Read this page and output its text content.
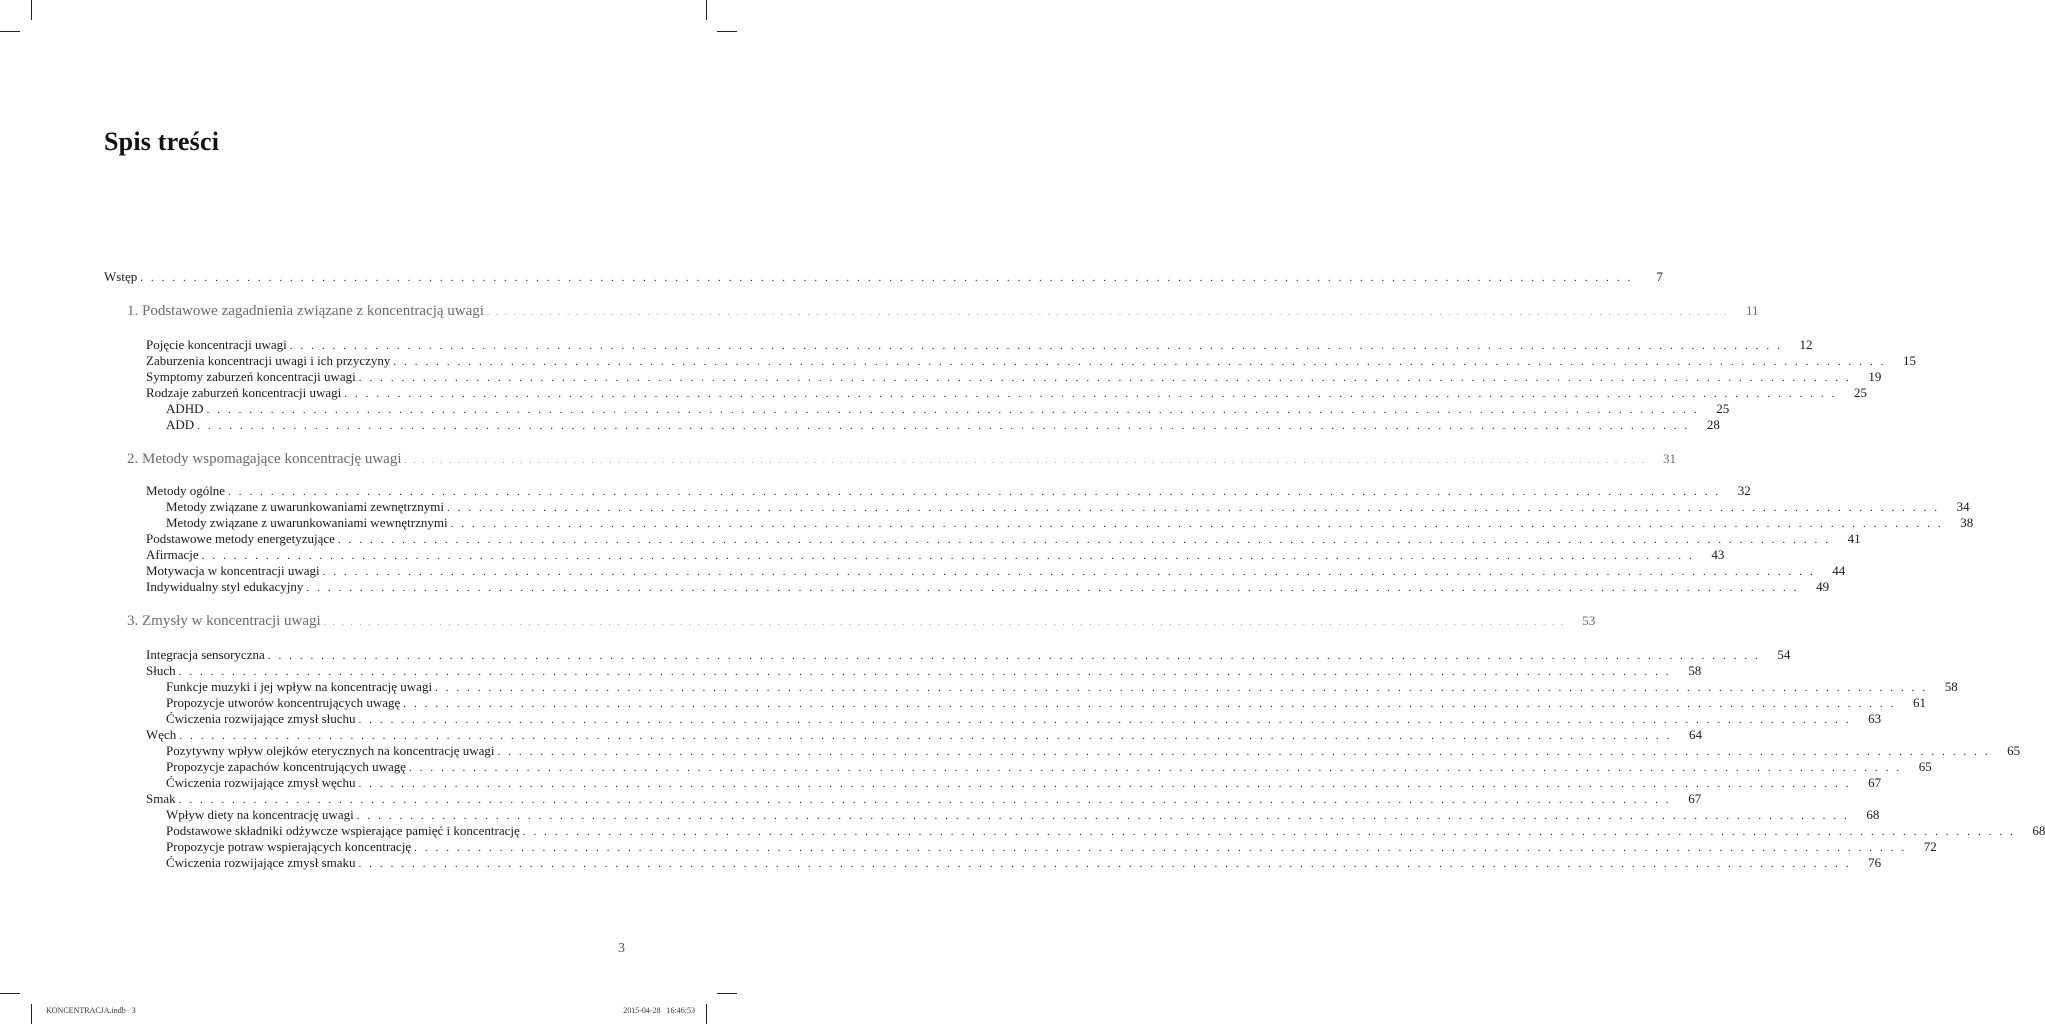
Spis treści
Wstęp . . . . . . . . . . . . . . . . . . . . . . . . . . . . . . . . . . . . . . . . . . . . . . . . . . . . . . . . . . . . . . . . . . . . . . . . . . . . . . . . . . . . . . . . . . . . . . . . . . . . . . . . . . . . . . . . . . . . . . . . . . . . . . . . . . . . . . . . . . . .	7
1. Podstawowe zagadnienia związane z koncentracją uwagi . . . . . . . . . . . . . . . . . . . . . . . . . . . . . . . . . . . . . . . . . . . . . . . . . . . . . . . . . . . . . . . . . . . . . . . . . . . . . . . . . . . . . . . . . . . . . . . . . . . . . . . . . . . . . . . . . . . . . . . . . . . . . . . . . . . . . . . . . . . .	11
Pojęcie koncentracji uwagi . . . . . . . . . . . . . . . . . . . . . . . . . . . . . . . . . . . . . . . . . . . . . . . . . . . . . . . . . . . . . . . . . . . . . . . . . . . . . . . . . . . . . . . . . . . . . . . . . . . . . . . . . . . . . . . . . . . . . . . . . . . . . . . . . . . . . . . . . . . .	12
Zaburzenia koncentracji uwagi i ich przyczyny . . . . . . . . . . . . . . . . . . . . . . . . . . . . . . . . . . . . . . . . . . . . . . . . . . . . . . . . . . . . . . . . . . . . . . . . . . . . . . . . . . . . . . . . . . . . . . . . . . . . . . . . . . . . . . . . . . . . . . . . . . . . . . . . . . . . . . . . . . . .	15
Symptomy zaburzeń koncentracji uwagi . . . . . . . . . . . . . . . . . . . . . . . . . . . . . . . . . . . . . . . . . . . . . . . . . . . . . . . . . . . . . . . . . . . . . . . . . . . . . . . . . . . . . . . . . . . . . . . . . . . . . . . . . . . . . . . . . . . . . . . . . . . . . . . . . . . . . . . . . . . .	19
Rodzaje zaburzeń koncentracji uwagi . . . . . . . . . . . . . . . . . . . . . . . . . . . . . . . . . . . . . . . . . . . . . . . . . . . . . . . . . . . . . . . . . . . . . . . . . . . . . . . . . . . . . . . . . . . . . . . . . . . . . . . . . . . . . . . . . . . . . . . . . . . . . . . . . . . . . . . . . . . .	25
ADHD . . . . . . . . . . . . . . . . . . . . . . . . . . . . . . . . . . . . . . . . . . . . . . . . . . . . . . . . . . . . . . . . . . . . . . . . . . . . . . . . . . . . . . . . . . . . . . . . . . . . . . . . . . . . . . . . . . . . . . . . . . . . . . . . . . . . . . . . . . . .	25
ADD . . . . . . . . . . . . . . . . . . . . . . . . . . . . . . . . . . . . . . . . . . . . . . . . . . . . . . . . . . . . . . . . . . . . . . . . . . . . . . . . . . . . . . . . . . . . . . . . . . . . . . . . . . . . . . . . . . . . . . . . . . . . . . . . . . . . . . . . . . . .	28
2. Metody wspomagające koncentrację uwagi . . . . . . . . . . . . . . . . . . . . . . . . . . . . . . . . . . . . . . . . . . . . . . . . . . . . . . . . . . . . . . . . . . . . . . . . . . . . . . . . . . . . . . . . . . . . . . . . . . . . . . . . . . . . . . . . . . . . . . . . . . . . . . . . . . . . . . . . . . . .	31
Metody ogólne . . . . . . . . . . . . . . . . . . . . . . . . . . . . . . . . . . . . . . . . . . . . . . . . . . . . . . . . . . . . . . . . . . . . . . . . . . . . . . . . . . . . . . . . . . . . . . . . . . . . . . . . . . . . . . . . . . . . . . . . . . . . . . . . . . . . . . . . . . . .	32
Metody związane z uwarunkowaniami zewnętrznymi . . . . . . . . . . . . . . . . . . . . . . . . . . . . . . . . . . . . . . . . . . . . . . . . . . . . . . . . . . . . . . . . . . . . . . . . . . . . . . . . . . . . . . . . . . . . . . . . . . . . . . . . . . . . . . . . . . . . . . . . . . . . . . . . . . . . . . . . . . . .	34
Metody związane z uwarunkowaniami wewnętrznymi . . . . . . . . . . . . . . . . . . . . . . . . . . . . . . . . . . . . . . . . . . . . . . . . . . . . . . . . . . . . . . . . . . . . . . . . . . . . . . . . . . . . . . . . . . . . . . . . . . . . . . . . . . . . . . . . . . . . . . . . . . . . . . . . . . . . . . . . . . . .	38
Podstawowe metody energetyzujące . . . . . . . . . . . . . . . . . . . . . . . . . . . . . . . . . . . . . . . . . . . . . . . . . . . . . . . . . . . . . . . . . . . . . . . . . . . . . . . . . . . . . . . . . . . . . . . . . . . . . . . . . . . . . . . . . . . . . . . . . . . . . . . . . . . . . . . . . . . .	41
Afirmacje . . . . . . . . . . . . . . . . . . . . . . . . . . . . . . . . . . . . . . . . . . . . . . . . . . . . . . . . . . . . . . . . . . . . . . . . . . . . . . . . . . . . . . . . . . . . . . . . . . . . . . . . . . . . . . . . . . . . . . . . . . . . . . . . . . . . . . . . . . . .	43
Motywacja w koncentracji uwagi . . . . . . . . . . . . . . . . . . . . . . . . . . . . . . . . . . . . . . . . . . . . . . . . . . . . . . . . . . . . . . . . . . . . . . . . . . . . . . . . . . . . . . . . . . . . . . . . . . . . . . . . . . . . . . . . . . . . . . . . . . . . . . . . . . . . . . . . . . . .	44
Indywidualny styl edukacyjny . . . . . . . . . . . . . . . . . . . . . . . . . . . . . . . . . . . . . . . . . . . . . . . . . . . . . . . . . . . . . . . . . . . . . . . . . . . . . . . . . . . . . . . . . . . . . . . . . . . . . . . . . . . . . . . . . . . . . . . . . . . . . . . . . . . . . . . . . . . .	49
3. Zmysły w koncentracji uwagi . . . . . . . . . . . . . . . . . . . . . . . . . . . . . . . . . . . . . . . . . . . . . . . . . . . . . . . . . . . . . . . . . . . . . . . . . . . . . . . . . . . . . . . . . . . . . . . . . . . . . . . . . . . . . . . . . . . . . . . . . . . . . . . . . . . . . . . . . . . .	53
Integracja sensoryczna . . . . . . . . . . . . . . . . . . . . . . . . . . . . . . . . . . . . . . . . . . . . . . . . . . . . . . . . . . . . . . . . . . . . . . . . . . . . . . . . . . . . . . . . . . . . . . . . . . . . . . . . . . . . . . . . . . . . . . . . . . . . . . . . . . . . . . . . . . . .	54
Słuch . . . . . . . . . . . . . . . . . . . . . . . . . . . . . . . . . . . . . . . . . . . . . . . . . . . . . . . . . . . . . . . . . . . . . . . . . . . . . . . . . . . . . . . . . . . . . . . . . . . . . . . . . . . . . . . . . . . . . . . . . . . . . . . . . . . . . . . . . . . .	58
Funkcje muzyki i jej wpływ na koncentrację uwagi . . . . . . . . . . . . . . . . . . . . . . . . . . . . . . . . . . . . . . . . . . . . . . . . . . . . . . . . . . . . . . . . . . . . . . . . . . . . . . . . . . . . . . . . . . . . . . . . . . . . . . . . . . . . . . . . . . . . . . . . . . . . . . . . . . . . . . . . . . . .	58
Propozycje utworów koncentrujących uwagę . . . . . . . . . . . . . . . . . . . . . . . . . . . . . . . . . . . . . . . . . . . . . . . . . . . . . . . . . . . . . . . . . . . . . . . . . . . . . . . . . . . . . . . . . . . . . . . . . . . . . . . . . . . . . . . . . . . . . . . . . . . . . . . . . . . . . . . . . . . .	61
Ćwiczenia rozwijające zmysł słuchu . . . . . . . . . . . . . . . . . . . . . . . . . . . . . . . . . . . . . . . . . . . . . . . . . . . . . . . . . . . . . . . . . . . . . . . . . . . . . . . . . . . . . . . . . . . . . . . . . . . . . . . . . . . . . . . . . . . . . . . . . . . . . . . . . . . . . . . . . . . .	63
Węch . . . . . . . . . . . . . . . . . . . . . . . . . . . . . . . . . . . . . . . . . . . . . . . . . . . . . . . . . . . . . . . . . . . . . . . . . . . . . . . . . . . . . . . . . . . . . . . . . . . . . . . . . . . . . . . . . . . . . . . . . . . . . . . . . . . . . . . . . . . .	64
Pozytywny wpływ olejków eterycznych na koncentrację uwagi . . . . . . . . . . . . . . . . . . . . . . . . . . . . . . . . . . . . . . . . . . . . . . . . . . . . . . . . . . . . . . . . . . . . . . . . . . . . . . . . . . . . . . . . . . . . . . . . . . . . . . . . . . . . . . . . . . . . . . . . . . . . . . . . . . . . . . . . . . . .	65
Propozycje zapachów koncentrujących uwagę . . . . . . . . . . . . . . . . . . . . . . . . . . . . . . . . . . . . . . . . . . . . . . . . . . . . . . . . . . . . . . . . . . . . . . . . . . . . . . . . . . . . . . . . . . . . . . . . . . . . . . . . . . . . . . . . . . . . . . . . . . . . . . . . . . . . . . . . . . . .	65
Ćwiczenia rozwijające zmysł węchu . . . . . . . . . . . . . . . . . . . . . . . . . . . . . . . . . . . . . . . . . . . . . . . . . . . . . . . . . . . . . . . . . . . . . . . . . . . . . . . . . . . . . . . . . . . . . . . . . . . . . . . . . . . . . . . . . . . . . . . . . . . . . . . . . . . . . . . . . . . .	67
Smak . . . . . . . . . . . . . . . . . . . . . . . . . . . . . . . . . . . . . . . . . . . . . . . . . . . . . . . . . . . . . . . . . . . . . . . . . . . . . . . . . . . . . . . . . . . . . . . . . . . . . . . . . . . . . . . . . . . . . . . . . . . . . . . . . . . . . . . . . . . .	67
Wpływ diety na koncentrację uwagi . . . . . . . . . . . . . . . . . . . . . . . . . . . . . . . . . . . . . . . . . . . . . . . . . . . . . . . . . . . . . . . . . . . . . . . . . . . . . . . . . . . . . . . . . . . . . . . . . . . . . . . . . . . . . . . . . . . . . . . . . . . . . . . . . . . . . . . . . . . .	68
Podstawowe składniki odżywcze wspierające pamięć i koncentrację . . . . . . . . . . . . . . . . . . . . . . . . . . . . . . . . . . . . . . . . . . . . . . . . . . . . . . . . . . . . . . . . . . . . . . . . . . . . . . . . . . . . . . . . . . . . . . . . . . . . . . . . . . . . . . . . . . . . . . . . . . . . . . . . . . . . . . . . . . . .	68
Propozycje potraw wspierających koncentrację . . . . . . . . . . . . . . . . . . . . . . . . . . . . . . . . . . . . . . . . . . . . . . . . . . . . . . . . . . . . . . . . . . . . . . . . . . . . . . . . . . . . . . . . . . . . . . . . . . . . . . . . . . . . . . . . . . . . . . . . . . . . . . . . . . . . . . . . . . . .	72
Ćwiczenia rozwijające zmysł smaku . . . . . . . . . . . . . . . . . . . . . . . . . . . . . . . . . . . . . . . . . . . . . . . . . . . . . . . . . . . . . . . . . . . . . . . . . . . . . . . . . . . . . . . . . . . . . . . . . . . . . . . . . . . . . . . . . . . . . . . . . . . . . . . . . . . . . . . . . . . .	76
3
KONCENTRACJA.indb   3	2015-04-28   16:46:53
